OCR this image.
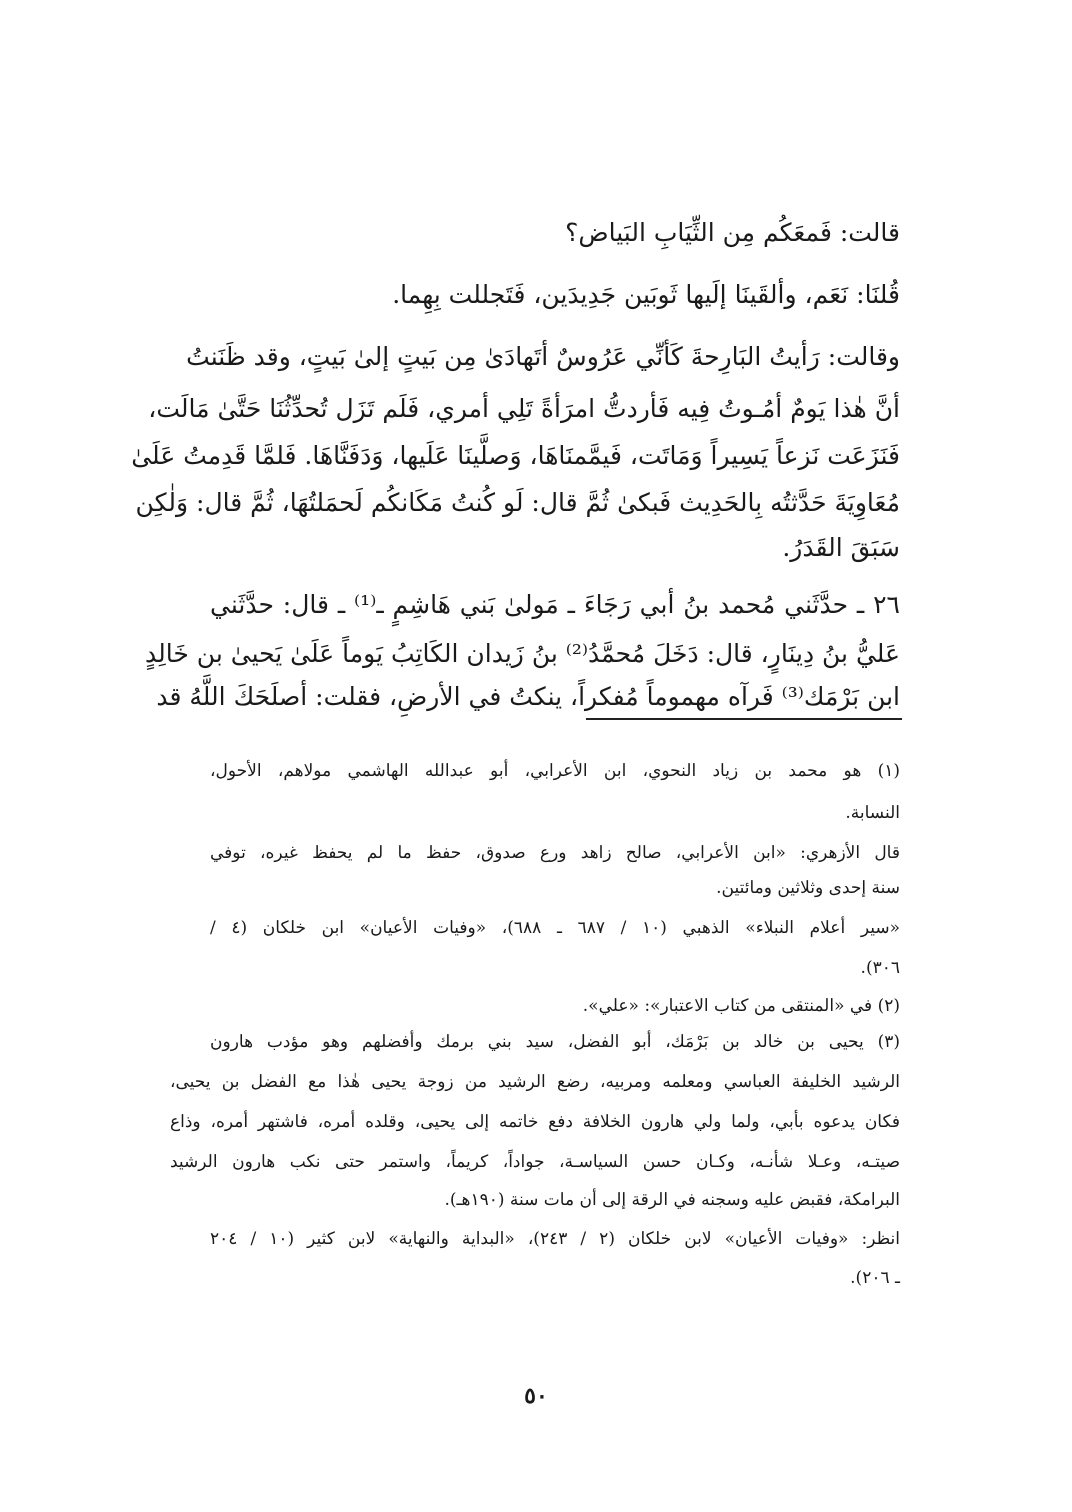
قالت: فَمعَكُم مِن الثِّيَابِ البَياض؟
قُلنَا: نَعَم، وألقَينَا إلَيها ثَوبَين جَدِيدَين، فَتَجللت بِهِما.
وقالت: رَأيتُ البَارِحةَ كَأنِّي عَرُوسٌ أتَهادَىٰ مِن بَيتٍ إلىٰ بَيتٍ، وقد ظَنَنتُ
أنَّ هٰذا يَومٌ أمُـوتُ فِيه فَأردتُّ امرَأةً تَلِي أمري، فَلَم تَزَل تُحدِّثُنَا حَتَّىٰ مَالَت،
فَنَزَعَت نَزعاً يَسِيراً وَمَاتَت، فَيمَّمنَاهَا، وَصلَّينَا عَلَيها، وَدَفَنَّاهَا. فَلمَّا قَدِمتُ عَلَىٰ
مُعَاوِيَةَ حَدَّثتُه بِالحَدِيث فَبكىٰ ثُمَّ قال: لَو كُنتُ مَكَانكُم لَحمَلتُهَا، ثُمَّ قال: وَلٰكِن
سَبَقَ القَدَرُ.
٢٦ ـ حدَّثَني مُحمد بنُ أبي رَجَاءَ ـ مَولىٰ بَني هَاشِمٍ ـ⁽¹⁾ ـ قال: حدَّثَني
عَليُّ بنُ دِينَارٍ، قال: دَخَلَ مُحمَّدُ⁽²⁾ بنُ زَيدان الكَاتِبُ يَوماً عَلَىٰ يَحيىٰ بن خَالِدٍ
ابن بَرْمَك⁽³⁾ فَرآه مهموماً مُفكراً، ينكتُ في الأرضِ، فقلت: أصلَحَكَ اللَّهُ قد
(١) هو محمد بن زياد النحوي، ابن الأعرابي، أبو عبدالله الهاشمي مولاهم، الأحول،
النسابة.
قال الأزهري: «ابن الأعرابي، صالح زاهد ورع صدوق، حفظ ما لم يحفظ غيره، توفي
سنة إحدى وثلاثين ومائتين.
«سير أعلام النبلاء» الذهبي (١٠ / ٦٨٧ ـ ٦٨٨)، «وفيات الأعيان» ابن خلكان (٤ /
٣٠٦).
(٢) في «المنتقى من كتاب الاعتبار»: «علي».
(٣) يحيى بن خالد بن بَرْمَك، أبو الفضل، سيد بني برمك وأفضلهم وهو مؤدب هارون
الرشيد الخليفة العباسي ومعلمه ومربيه، رضع الرشيد من زوجة يحيى هٰذا مع الفضل بن يحيى،
فكان يدعوه بأبي، ولما ولي هارون الخلافة دفع خاتمه إلى يحيى، وقلده أمره، فاشتهر أمره، وذاع
صيتـه، وعـلا شأنـه، وكـان حسن السياسـة، جواداً، كريماً، واستمر حتى نكب هارون الرشيد
البرامكة، فقبض عليه وسجنه في الرقة إلى أن مات سنة (١٩٠هـ).
انظر: «وفيات الأعيان» لابن خلكان (٢ / ٢٤٣)، «البداية والنهاية» لابن كثير (١٠ / ٢٠٤
ـ ٢٠٦).
٥٠
